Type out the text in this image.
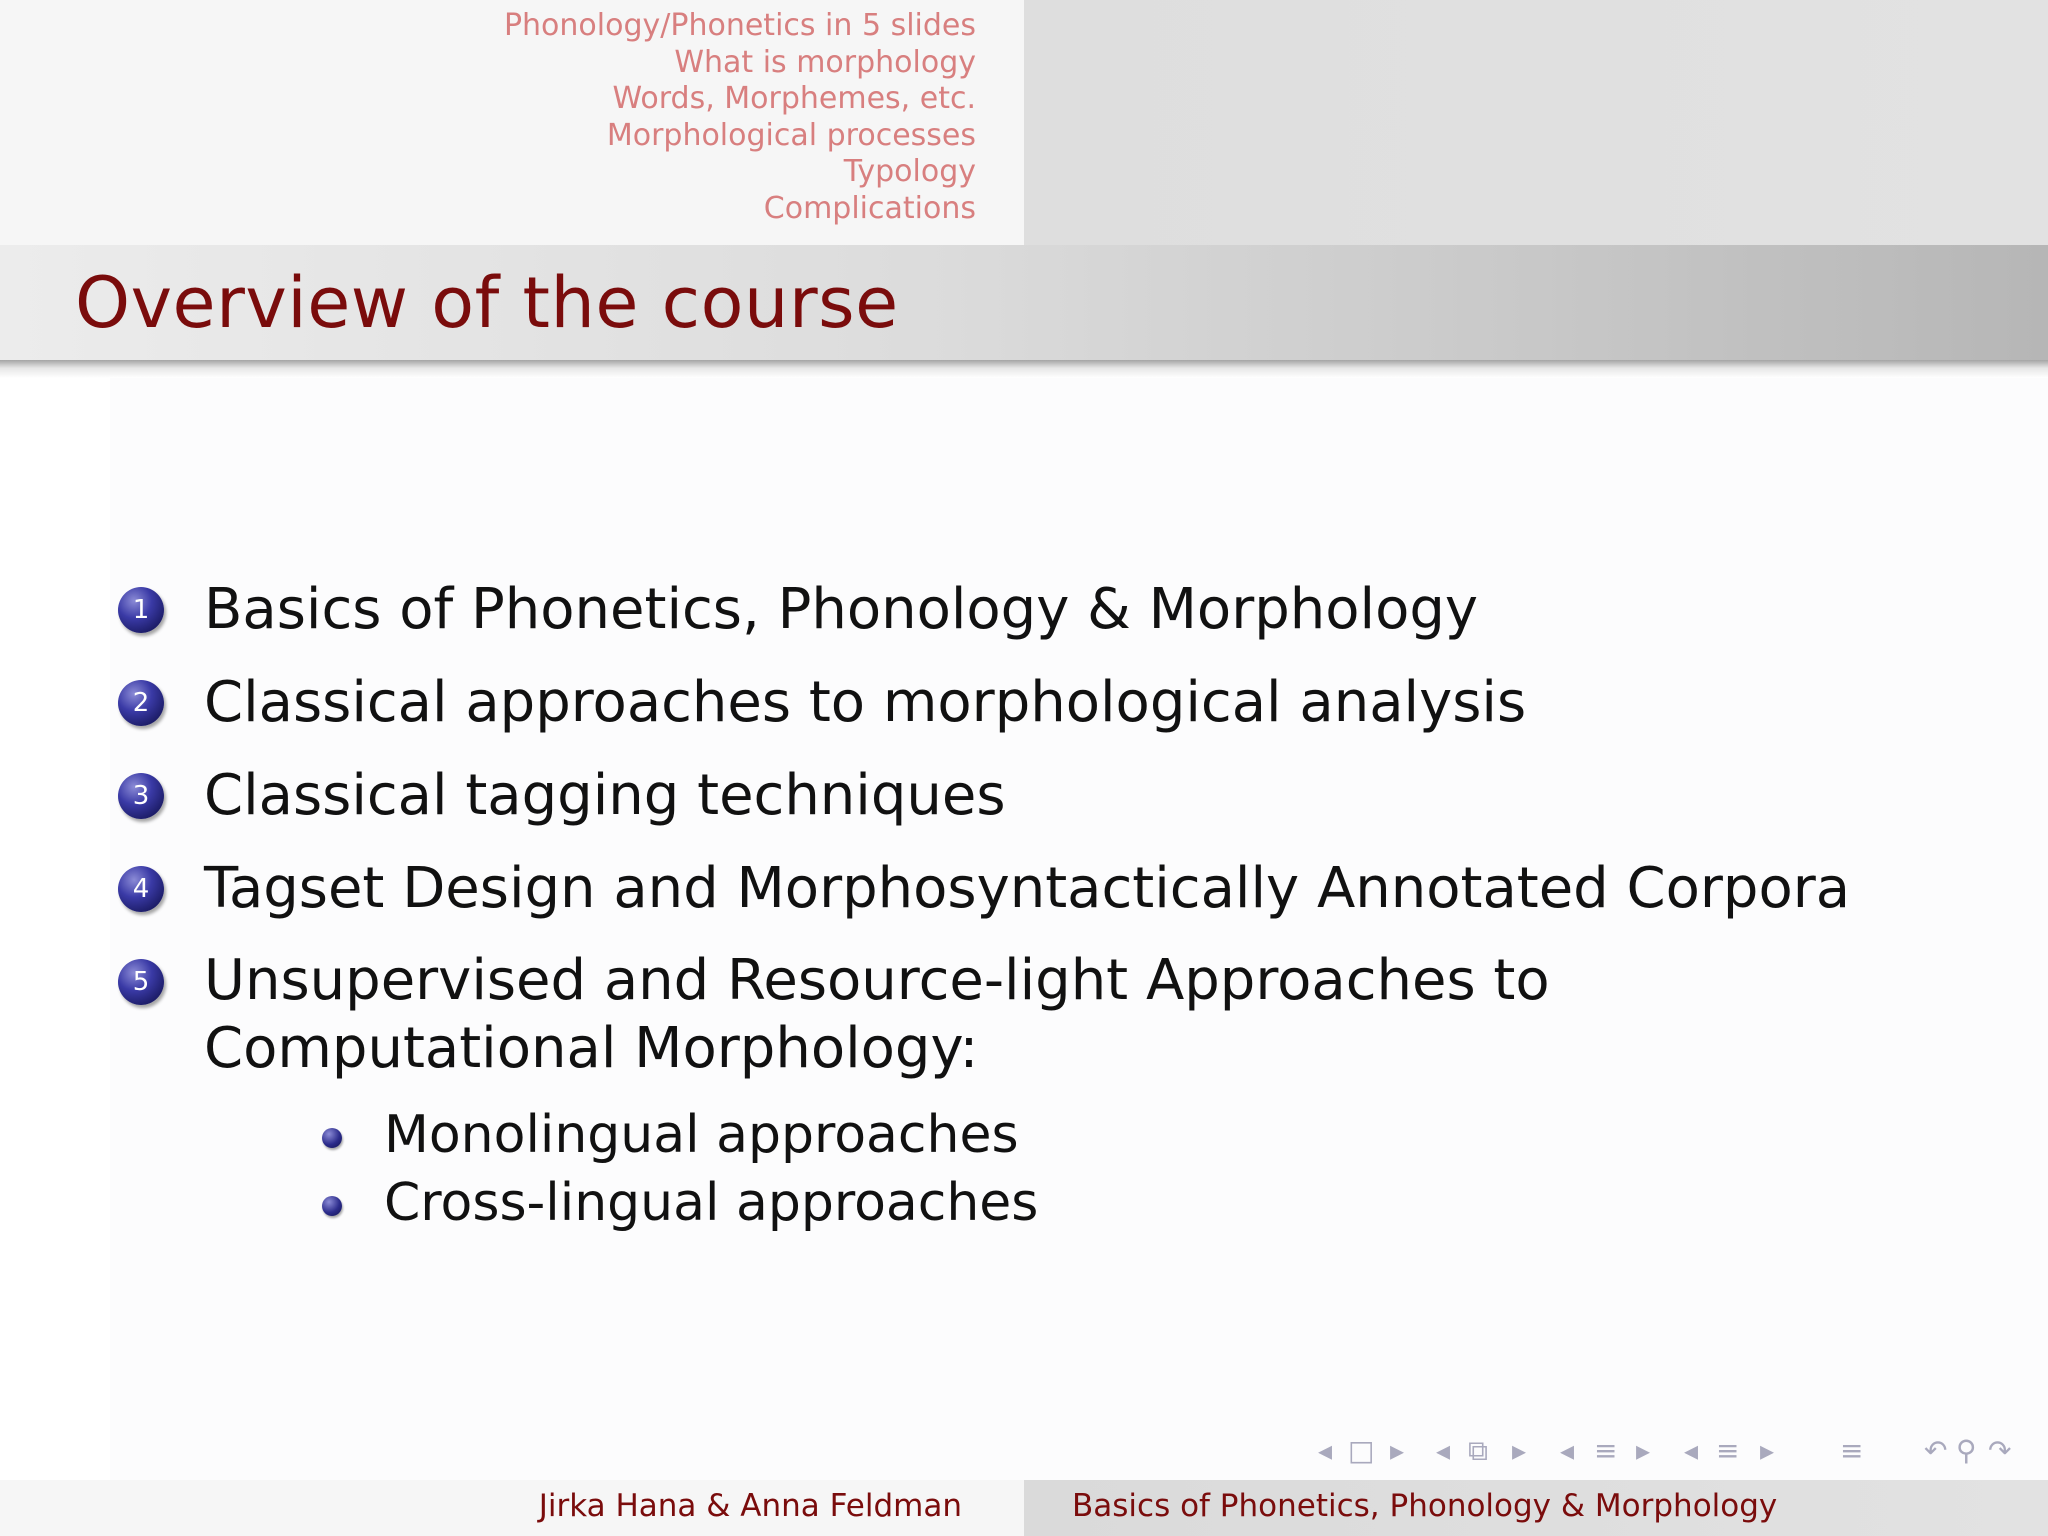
Phonology/Phonetics in 5 slides
What is morphology
Words, Morphemes, etc.
Morphological processes
Typology
Complications
Overview of the course
1 Basics of Phonetics, Phonology & Morphology
2 Classical approaches to morphological analysis
3 Classical tagging techniques
4 Tagset Design and Morphosyntactically Annotated Corpora
5 Unsupervised and Resource-light Approaches to Computational Morphology:
Monolingual approaches
Cross-lingual approaches
◂ □ ▸ ◂ ⧉ ▸ ◂ ≡ ▸ ◂ ≡ ▸ ≡ ↶ ⚲ ↷
Jirka Hana & Anna Feldman	Basics of Phonetics, Phonology & Morphology
